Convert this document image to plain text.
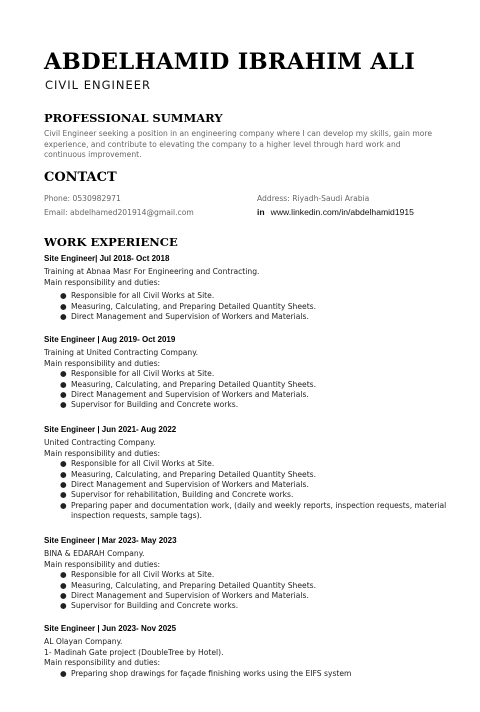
ABDELHAMID IBRAHIM ALI
CIVIL ENGINEER
PROFESSIONAL SUMMARY
Civil Engineer seeking a position in an engineering company where I can develop my skills, gain more experience, and contribute to elevating the company to a higher level through hard work and continuous improvement.
CONTACT
Phone: 0530982971
Email: abdelhamed201914@gmail.com
Address: Riyadh-Saudi Arabia
in www.linkedin.com/in/abdelhamid1915
WORK EXPERIENCE
Site Engineer| Jul 2018- Oct 2018
Training at Abnaa Masr For Engineering and Contracting.
Main responsibility and duties:
● Responsible for all Civil Works at Site.
● Measuring, Calculating, and Preparing Detailed Quantity Sheets.
● Direct Management and Supervision of Workers and Materials.
Site Engineer | Aug 2019- Oct 2019
Training at United Contracting Company.
Main responsibility and duties:
● Responsible for all Civil Works at Site.
● Measuring, Calculating, and Preparing Detailed Quantity Sheets.
● Direct Management and Supervision of Workers and Materials.
● Supervisor for Building and Concrete works.
Site Engineer | Jun 2021- Aug 2022
United Contracting Company.
Main responsibility and duties:
● Responsible for all Civil Works at Site.
● Measuring, Calculating, and Preparing Detailed Quantity Sheets.
● Direct Management and Supervision of Workers and Materials.
● Supervisor for rehabilitation, Building and Concrete works.
● Preparing paper and documentation work, (daily and weekly reports, inspection requests, material inspection requests, sample tags).
Site Engineer | Mar 2023- May 2023
BINA & EDARAH Company.
Main responsibility and duties:
● Responsible for all Civil Works at Site.
● Measuring, Calculating, and Preparing Detailed Quantity Sheets.
● Direct Management and Supervision of Workers and Materials.
● Supervisor for Building and Concrete works.
Site Engineer | Jun 2023- Nov 2025
AL Olayan Company.
1- Madinah Gate project (DoubleTree by Hotel).
Main responsibility and duties:
● Preparing shop drawings for façade finishing works using the EIFS system
